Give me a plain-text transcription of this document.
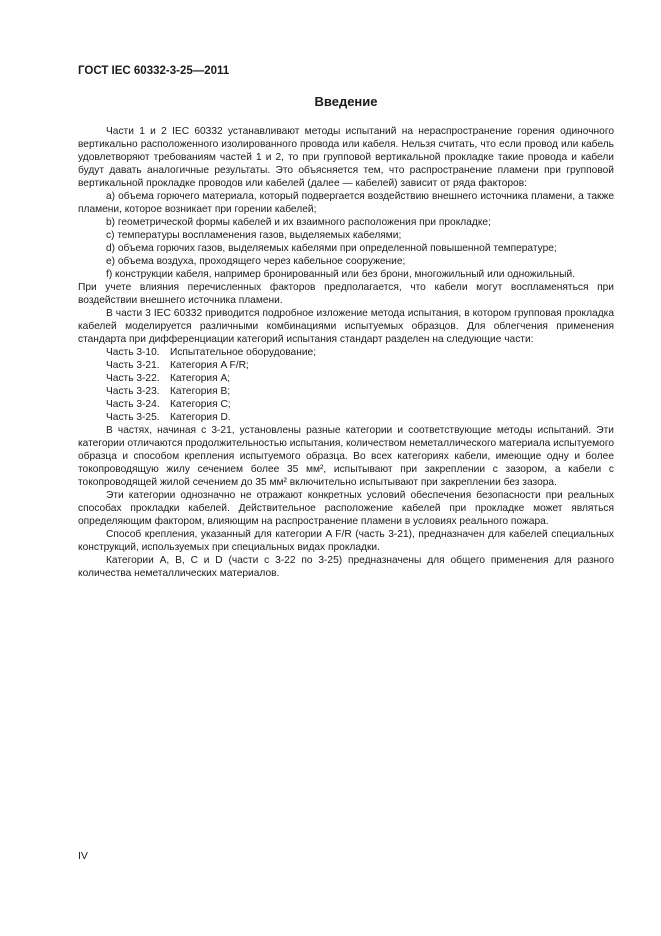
ГОСТ IEC 60332-3-25—2011
Введение

Части 1 и 2 IEC 60332 устанавливают методы испытаний на нераспространение горения одиночного вертикально расположенного изолированного провода или кабеля. Нельзя считать, что если провод или кабель удовлетворяют требованиям частей 1 и 2, то при групповой вертикальной прокладке такие провода и кабели будут давать аналогичные результаты. Это объясняется тем, что распространение пламени при групповой вертикальной прокладке проводов или кабелей (далее — кабелей) зависит от ряда факторов:

a) объема горючего материала, который подвергается воздействию внешнего источника пламени, а также пламени, которое возникает при горении кабелей;

b) геометрической формы кабелей и их взаимного расположения при прокладке;

c) температуры воспламенения газов, выделяемых кабелями;

d) объема горючих газов, выделяемых кабелями при определенной повышенной температуре;

e) объема воздуха, проходящего через кабельное сооружение;

f) конструкции кабеля, например бронированный или без брони, многожильный или одножильный.

При учете влияния перечисленных факторов предполагается, что кабели могут воспламеняться при воздействии внешнего источника пламени.

В части 3 IEC 60332 приводится подробное изложение метода испытания, в котором групповая прокладка кабелей моделируется различными комбинациями испытуемых образцов. Для облегчения применения стандарта при дифференциации категорий испытания стандарт разделен на следующие части:

Часть 3-10. Испытательное оборудование;
Часть 3-21. Категория A F/R;
Часть 3-22. Категория A;
Часть 3-23. Категория B;
Часть 3-24. Категория C;
Часть 3-25. Категория D.

В частях, начиная с 3-21, установлены разные категории и соответствующие методы испытаний. Эти категории отличаются продолжительностью испытания, количеством неметаллического материала испытуемого образца и способом крепления испытуемого образца. Во всех категориях кабели, имеющие одну и более токопроводящую жилу сечением более 35 мм², испытывают при закреплении с зазором, а кабели с токопроводящей жилой сечением до 35 мм² включительно испытывают при закреплении без зазора.

Эти категории однозначно не отражают конкретных условий обеспечения безопасности при реальных способах прокладки кабелей. Действительное расположение кабелей при прокладке может являться определяющим фактором, влияющим на распространение пламени в условиях реального пожара.

Способ крепления, указанный для категории A F/R (часть 3-21), предназначен для кабелей специальных конструкций, используемых при специальных видах прокладки.

Категории A, B, C и D (части с 3-22 по 3-25) предназначены для общего применения для разного количества неметаллических материалов.

IV
